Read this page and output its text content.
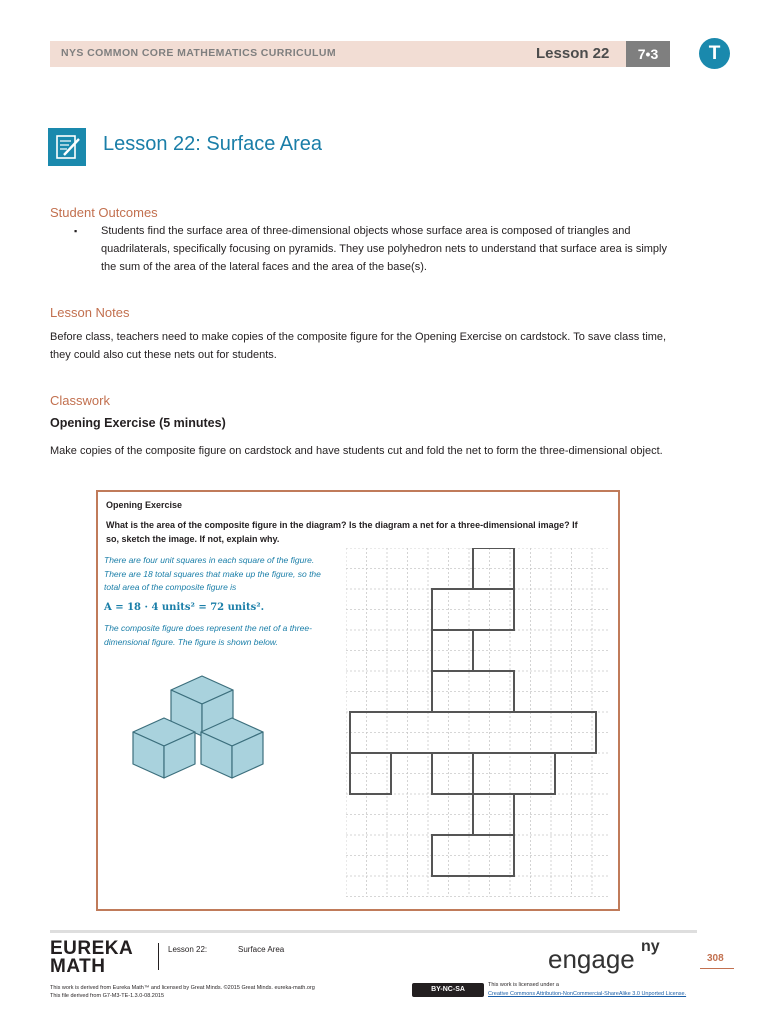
NYS COMMON CORE MATHEMATICS CURRICULUM	Lesson 22	7•3	T
Lesson 22: Surface Area
Student Outcomes
▪ Students find the surface area of three-dimensional objects whose surface area is composed of triangles and quadrilaterals, specifically focusing on pyramids. They use polyhedron nets to understand that surface area is simply the sum of the area of the lateral faces and the area of the base(s).

Lesson Notes

Before class, teachers need to make copies of the composite figure for the Opening Exercise on cardstock. To save class time, they could also cut these nets out for students.

Classwork
Opening Exercise (5 minutes)

Make copies of the composite figure on cardstock and have students cut and fold the net to form the three-dimensional object.

Opening Exercise
What is the area of the composite figure in the diagram? Is the diagram a net for a three-dimensional image? If so, sketch the image. If not, explain why.
There are four unit squares in each square of the figure. There are 18 total squares that make up the figure, so the total area of the composite figure is
A = 18 · 4 units² = 72 units².
The composite figure does represent the net of a three-dimensional figure. The figure is shown below.
EUREKA
MATH
Lesson 22:	Surface Area	engage ny
308
This work is derived from Eureka Math™ and licensed by Great Minds. ©2015 Great Minds. eureka-math.org
This file derived from G7-M3-TE-1.3.0-08.2015
BY-NC-SA
This work is licensed under a
Creative Commons Attribution-NonCommercial-ShareAlike 3.0 Unported License.
